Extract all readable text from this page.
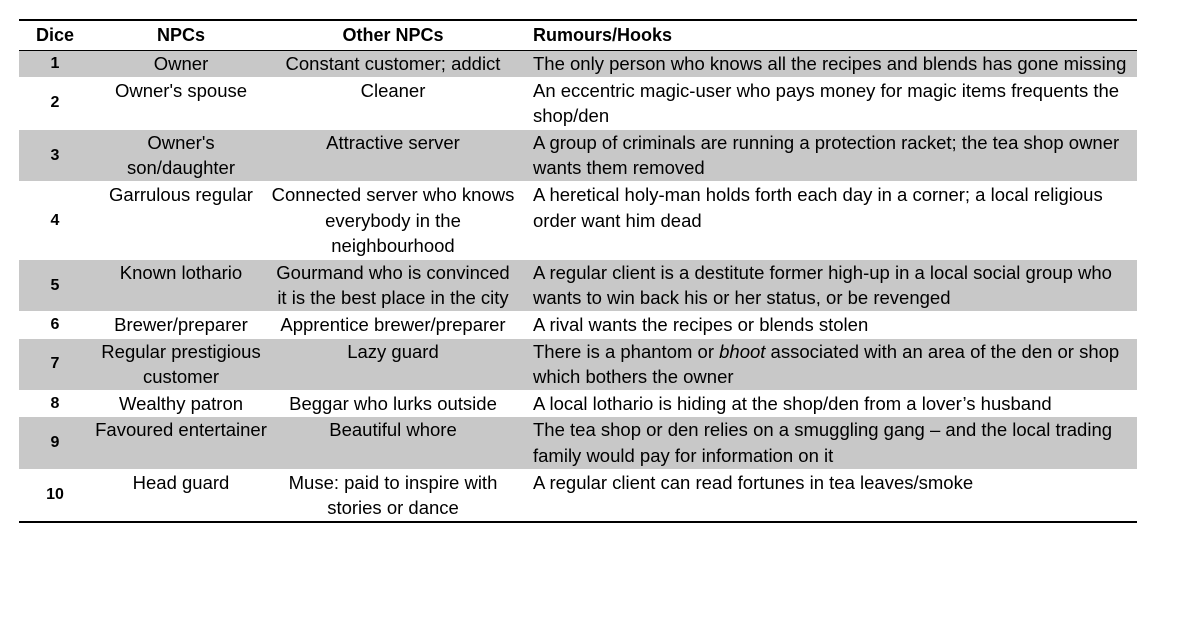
Dice	NPCs	Other NPCs	Rumours/Hooks
1	Owner	Constant customer; addict	The only person who knows all the recipes and blends has gone missing
2	Owner's spouse	Cleaner	An eccentric magic-user who pays money for magic items frequents the shop/den
3	Owner's son/daughter	Attractive server	A group of criminals are running a protection racket; the tea shop owner wants them removed
4	Garrulous regular	Connected server who knows everybody in the neighbourhood	A heretical holy-man holds forth each day in a corner; a local religious order want him dead
5	Known lothario	Gourmand who is convinced it is the best place in the city	A regular client is a destitute former high-up in a local social group who wants to win back his or her status, or be revenged
6	Brewer/preparer	Apprentice brewer/preparer	A rival wants the recipes or blends stolen
7	Regular prestigious customer	Lazy guard	There is a phantom or bhoot associated with an area of the den or shop which bothers the owner
8	Wealthy patron	Beggar who lurks outside	A local lothario is hiding at the shop/den from a lover’s husband
9	Favoured entertainer	Beautiful whore	The tea shop or den relies on a smuggling gang – and the local trading family would pay for information on it
10	Head guard	Muse: paid to inspire with stories or dance	A regular client can read fortunes in tea leaves/smoke
